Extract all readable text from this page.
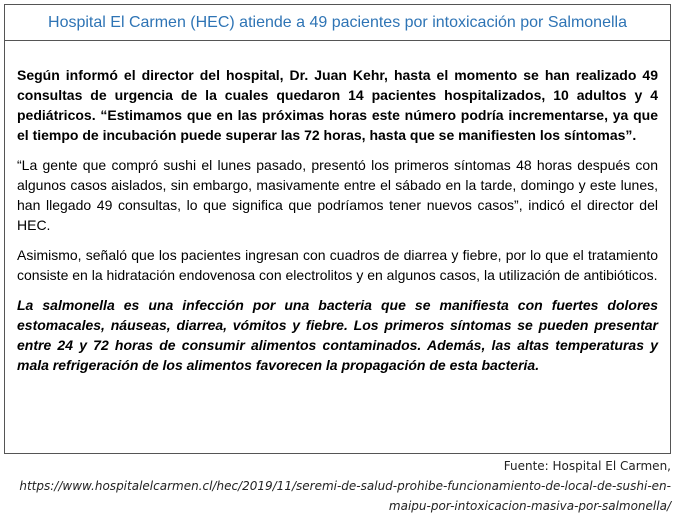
Hospital El Carmen (HEC) atiende a 49 pacientes por intoxicación por Salmonella

Según informó el director del hospital, Dr. Juan Kehr, hasta el momento se han realizado 49 consultas de urgencia de la cuales quedaron 14 pacientes hospitalizados, 10 adultos y 4 pediátricos. “Estimamos que en las próximas horas este número podría incrementarse, ya que el tiempo de incubación puede superar las 72 horas, hasta que se manifiesten los síntomas”.

“La gente que compró sushi el lunes pasado, presentó los primeros síntomas 48 horas después con algunos casos aislados, sin embargo, masivamente entre el sábado en la tarde, domingo y este lunes, han llegado 49 consultas, lo que significa que podríamos tener nuevos casos”, indicó el director del HEC.

Asimismo, señaló que los pacientes ingresan con cuadros de diarrea y fiebre, por lo que el tratamiento consiste en la hidratación endovenosa con electrolitos y en algunos casos, la utilización de antibióticos.

La salmonella es una infección por una bacteria que se manifiesta con fuertes dolores estomacales, náuseas, diarrea, vómitos y fiebre. Los primeros síntomas se pueden presentar entre 24 y 72 horas de consumir alimentos contaminados. Además, las altas temperaturas y mala refrigeración de los alimentos favorecen la propagación de esta bacteria.

Fuente: Hospital El Carmen,
https://www.hospitalelcarmen.cl/hec/2019/11/seremi-de-salud-prohibe-funcionamiento-de-local-de-sushi-en-
maipu-por-intoxicacion-masiva-por-salmonella/
